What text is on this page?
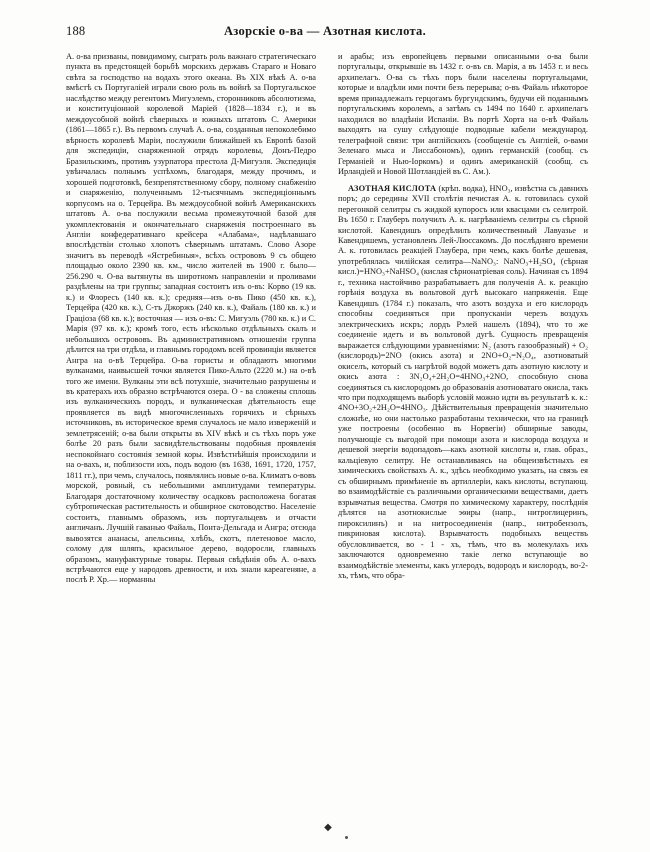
188	Азорскіе о-ва — Азотная кислота.

А. о-ва призваны, повидимому, сыграть роль важнаго стратегическаго пункта въ предстоящей борьбѣ морскихъ державъ Стараго и Новаго свѣта за господство на водахъ этого океана. Въ XIX вѣкѣ А. о-ва вмѣстѣ съ Португаліей играли свою роль въ войнѣ за Португальское наслѣдство между регентомъ Мигуэлемъ, сторонниковъ абсолютизма, и конституціонной королевой Маріей (1828—1834 г.), и въ междоусобной войнѣ сѣверныхъ и южныхъ штатовъ С. Америки (1861—1865 г.). Въ первомъ случаѣ А. о-ва, созданныя непоколебимо вѣрность королевѣ Маріи, послужили ближайшей къ Европѣ базой для экспедиціи, снаряженной отрядъ королевы, Донъ-Педро Бразильскимъ, противъ узурпатора престола Д-Мигуэля. Экспедиція увѣнчалась полнымъ успѣхомъ, благодаря, между прочимъ, и хорошей подготовкѣ, безпрепятственному сбору, полному снабженію и снаряженію, полученнымъ 12-тысячнымъ экспедиціоннымъ корпусомъ на о. Терцейра. Въ междоусобной войнѣ Американскихъ штатовъ А. о-ва послужили весьма промежуточной базой для укомплектованія и окончательнаго снаряженія построеннаго въ Англіи конфедеративнаго крейсера «Алабама», надѣлавшаго впослѣдствіи столько хлопотъ сѣвернымъ штатамъ. Слово Азоре значитъ въ переводѣ «Ястребиныя», всѣхъ острововъ 9 съ общею площадью около 2390 кв. км., число жителей въ 1900 г. было—256.290 ч. О-ва вытянуты въ широтномъ направленіи и проливами раздѣлены на три группы; западная состоитъ изъ о-въ: Корво (19 кв. к.) и Флоресъ (140 кв. к.); средняя—изъ о-въ Пико (450 кв. к.), Терцейра (420 кв. к.), С-тъ Джоржъ (240 кв. к.), Файаль (180 кв. к.) и Граціоза (68 кв. к.); восточная — изъ о-въ: С. Мигуэль (780 кв. к.) и С. Марія (97 кв. к.); кромѣ того, есть нѣсколько отдѣльныхъ скалъ и небольшихъ острововъ. Въ административномъ отношеніи группа дѣлится на три отдѣла, и главнымъ городомъ всей провинціи является Ангра на о-вѣ Терцейра. О-ва гористы и обладаютъ многими вулканами, наивысшей точки является Пико-Альто (2220 м.) на о-вѣ того же имени. Вулканы эти всѣ потухшіе, значительно разрушены и въ кратерахъ ихъ образно встрѣчаются озера. О - ва сложены сплошь изъ вулканическихъ породъ, и вулканическая дѣятельность еще проявляется въ видѣ многочисленныхъ горячихъ и сѣрныхъ источниковъ, въ историческое время случалось не мало изверженій и землетрясеній; о-ва были открыты въ XIV вѣкѣ и съ тѣхъ поръ уже болѣе 20 разъ были засвидѣтельствованы подобныя проявленія неспокойнаго состоянія земной коры. Извѣстнѣйшія происходили и на о-вахъ, и, поблизости ихъ, подъ водою (въ 1638, 1691, 1720, 1757, 1811 гг.), при чемъ, случалось, появлялись новые о-ва. Климатъ о-вовъ морской, ровный, съ небольшими амплитудами температуры. Благодаря достаточному количеству осадковъ расположена богатая субтропическая растительность и обширное скотоводство. Населеніе состоитъ, главнымъ образомъ, изъ португальцевъ и отчасти англичанъ. Лучшій гаванью Файаль, Понта-Дельгада и Ангра; отсюда вывозятся ананасы, апельсины, хлѣбъ, скотъ, плетеновое масло, солому для шляпъ, красильное дерево, водоросли, главныхъ образомъ, мануфактурные товары. Первыя свѣдѣнія объ А. о-вахъ встрѣчаются еще у народовъ древности, и ихъ знали кареагеняне, а послѣ Р. Хр.— норманны

и арабы; изъ европейцевъ первыми описанными о-ва были португальцы, открывшіе въ 1432 г. о-въ св. Марія, а въ 1453 г. и весь архипелагъ. О-ва съ тѣхъ поръ были населены португальцами, которые и владѣли ими почти безъ перерыва; о-въ Файаль нѣкоторое время принадлежалъ герцогамъ бургундскимъ, будучи ей поданнымъ португальскимъ королемъ, а затѣмъ съ 1494 по 1640 г. архипелагъ находился во владѣніи Испаніи. Въ портѣ Хорта на о-вѣ Файаль выходятъ на сушу слѣдующіе подводные кабели международ. телеграфной связи: три англійскихъ (сообщеніе съ Англіей, о-вами Зеленаго мыса и Лиссабономъ), одинъ германскій (сообщ. съ Германіей и Нью-Іоркомъ) и одинъ американскій (сообщ. съ Ирландіей и Новой Шотландіей въ С. Ам.).

АЗОТНАЯ КИСЛОТА (крѣп. водка), HNO₃, извѣстна съ давнихъ поръ; до середины XVII столѣтія печистая А. к. готовилась сухой перегонкой селитры съ жидкой купоросъ или квасцами съ селитрой. Въ 1650 г. Глауберъ получилъ А. к. нагрѣваніемъ селитры съ сѣрной кислотой. Кавендишъ опредѣлилъ количественный Лавуазье и Кавендишемъ, установленъ Лей-Люссакомъ. До послѣдняго времени А. к. готовилась реакціей Глаубера, при чемъ, какъ болѣе дешевая, употреблялась чилійская селитра—NaNO₃: NaNO₃+H₂SO₄ (сѣрная кисл.)=HNO₃+NaHSO₄ (кислая сѣрнонатріевая соль). Начиная съ 1894 г., техника настойчиво разрабатываетъ для полученія А. к. реакцію горѣнія воздуха въ вольтовой дугѣ высокаго напряженія. Еще Кавендишъ (1784 г.) показалъ, что азотъ воздуха и его кислородъ способны соединяться при пропусканіи черезъ воздухъ электрическихъ искръ; лордъ Рэлей нашелъ (1894), что то же соединеніе идетъ и въ вольтовой дугѣ. Сущность превращенія выражается слѣдующими уравненіями: N₂ (азотъ газообразный) + O₂ (кислородъ)=2NO (окись азота) и 2NO+O₂=N₂O₄, азотноватый окиселъ, который съ нагрѣтой водой можетъ дать азотную кислоту и окись азота : 3N₂O₄+2H₂O=4HNO₃+2NO, способную снова соединяться съ кислородомъ до образованія азотноватаго окисла, такъ что при подходящемъ выборѣ условій можно идти въ результатѣ к. к.: 4NO+3O₂+2H₂O=4HNO₃. Дѣйствительныя превращенія значительно сложнѣе, но они настолько разработаны технически, что на границѣ уже построены (особенно въ Норвегіи) обширные заводы, получающіе съ выгодой при помощи азота и кислорода воздуха и дешевой энергіи водопадовъ—какъ азотной кислоты и, глав. образ., кальціевую селитру. Не останавливаясь на общеизвѣстныхъ ея химическихъ свойствахъ А. к., здѣсь необходимо указать, на связь ея съ обширнымъ примѣненіе въ артиллеріи, какъ кислоты, вступающ. во взаимодѣйствіе съ различными органическими веществами, даетъ взрывчатыя вещества. Смотря по химическому характеру, послѣднія дѣлятся на азотнокислые эѳиры (напр., нитроглицеринъ, пироксилинъ) и на нитросоединенія (напр., нитробензолъ, пикриновая кислота). Взрывчатость подобныхъ веществъ обусловливается, во - 1 - хъ, тѣмъ, что въ молекулахъ ихъ заключаются одновременно такіе легко вступающіе во взаимодѣйствіе элементы, какъ углеродъ, водородъ и кислородъ, во-2-хъ, тѣмъ, что обра-

◆
